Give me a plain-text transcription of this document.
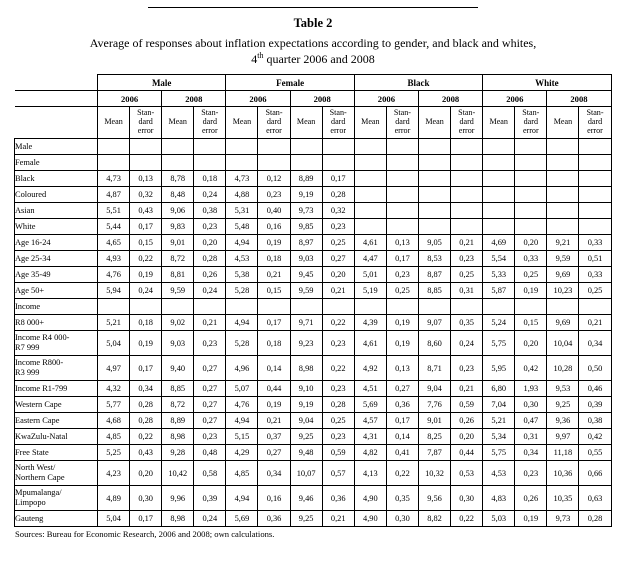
Table 2
Average of responses about inflation expectations according to gender, and black and whites,
4th quarter 2006 and 2008
	Male				Female				Black				White			
	2006		2008		2006		2008		2006		2008		2006		2008	
	Mean	Stan-
dard
error	Mean	Stan-
dard
error	Mean	Stan-
dard
error	Mean	Stan-
dard
error	Mean	Stan-
dard
error	Mean	Stan-
dard
error	Mean	Stan-
dard
error	Mean	Stan-
dard
error
Male																
Female																
Black	4,73	0,13	8,78	0,18	4,73	0,12	8,89	0,17								
Coloured	4,87	0,32	8,48	0,24	4,88	0,23	9,19	0,28								
Asian	5,51	0,43	9,06	0,38	5,31	0,40	9,73	0,32								
White	5,44	0,17	9,83	0,23	5,48	0,16	9,85	0,23								
Age 16-24	4,65	0,15	9,01	0,20	4,94	0,19	8,97	0,25	4,61	0,13	9,05	0,21	4,69	0,20	9,21	0,33
Age 25-34	4,93	0,22	8,72	0,28	4,53	0,18	9,03	0,27	4,47	0,17	8,53	0,23	5,54	0,33	9,59	0,51
Age 35-49	4,76	0,19	8,81	0,26	5,38	0,21	9,45	0,20	5,01	0,23	8,87	0,25	5,33	0,25	9,69	0,33
Age 50+	5,94	0,24	9,59	0,24	5,28	0,15	9,59	0,21	5,19	0,25	8,85	0,31	5,87	0,19	10,23	0,25
Income																
R8 000+	5,21	0,18	9,02	0,21	4,94	0,17	9,71	0,22	4,39	0,19	9,07	0,35	5,24	0,15	9,69	0,21
Income R4 000-
R7 999	5,04	0,19	9,03	0,23	5,28	0,18	9,23	0,23	4,61	0,19	8,60	0,24	5,75	0,20	10,04	0,34
Income R800-
R3 999	4,97	0,17	9,40	0,27	4,96	0,14	8,98	0,22	4,92	0,13	8,71	0,23	5,95	0,42	10,28	0,50
Income R1-799	4,32	0,34	8,85	0,27	5,07	0,44	9,10	0,23	4,51	0,27	9,04	0,21	6,80	1,93	9,53	0,46
Western Cape	5,77	0,28	8,72	0,27	4,76	0,19	9,19	0,28	5,69	0,36	7,76	0,59	7,04	0,30	9,25	0,39
Eastern Cape	4,68	0,28	8,89	0,27	4,94	0,21	9,04	0,25	4,57	0,17	9,01	0,26	5,21	0,47	9,36	0,38
KwaZulu-Natal	4,85	0,22	8,98	0,23	5,15	0,37	9,25	0,23	4,31	0,14	8,25	0,20	5,34	0,31	9,97	0,42
Free State	5,25	0,43	9,28	0,48	4,29	0,27	9,48	0,59	4,82	0,41	7,87	0,44	5,75	0,34	11,18	0,55
North West/
Northern Cape	4,23	0,20	10,42	0,58	4,85	0,34	10,07	0,57	4,13	0,22	10,32	0,53	4,53	0,23	10,36	0,66
Mpumalanga/
Limpopo	4,89	0,30	9,96	0,39	4,94	0,16	9,46	0,36	4,90	0,35	9,56	0,30	4,83	0,26	10,35	0,63
Gauteng	5,04	0,17	8,98	0,24	5,69	0,36	9,25	0,21	4,90	0,30	8,82	0,22	5,03	0,19	9,73	0,28
Sources: Bureau for Economic Research, 2006 and 2008; own calculations.
